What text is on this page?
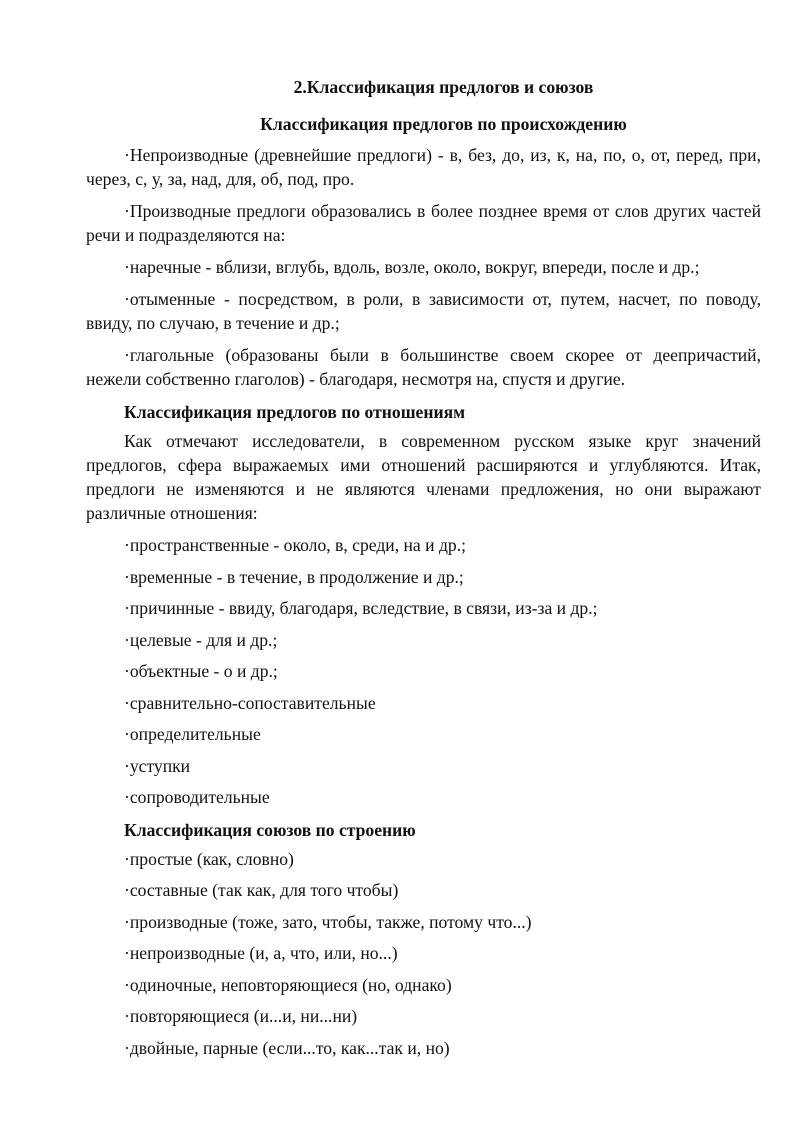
2.Классификация предлогов и союзов
Классификация предлогов по происхождению

·Непроизводные (древнейшие предлоги) - в, без, до, из, к, на, по, о, от, перед, при, через, с, у, за, над, для, об, под, про.

·Производные предлоги образовались в более позднее время от слов других частей речи и подразделяются на:

·наречные - вблизи, вглубь, вдоль, возле, около, вокруг, впереди, после и др.;

·отыменные - посредством, в роли, в зависимости от, путем, насчет, по поводу, ввиду, по случаю, в течение и др.;

·глагольные (образованы были в большинстве своем скорее от деепричастий, нежели собственно глаголов) - благодаря, несмотря на, спустя и другие.

Классификация предлогов по отношениям

Как отмечают исследователи, в современном русском языке круг значений предлогов, сфера выражаемых ими отношений расширяются и углубляются. Итак, предлоги не изменяются и не являются членами предложения, но они выражают различные отношения:

·пространственные - около, в, среди, на и др.;

·временные - в течение, в продолжение и др.;

·причинные - ввиду, благодаря, вследствие, в связи, из-за и др.;

·целевые - для и др.;

·объектные - о и др.;

·сравнительно-сопоставительные

·определительные

·уступки

·сопроводительные

Классификация союзов по строению

·простые (как, словно)

·составные (так как, для того чтобы)

·производные (тоже, зато, чтобы, также, потому что...)

·непроизводные (и, а, что, или, но...)

·одиночные, неповторяющиеся (но, однако)

·повторяющиеся (и...и, ни...ни)

·двойные, парные (если...то, как...так и, но)
